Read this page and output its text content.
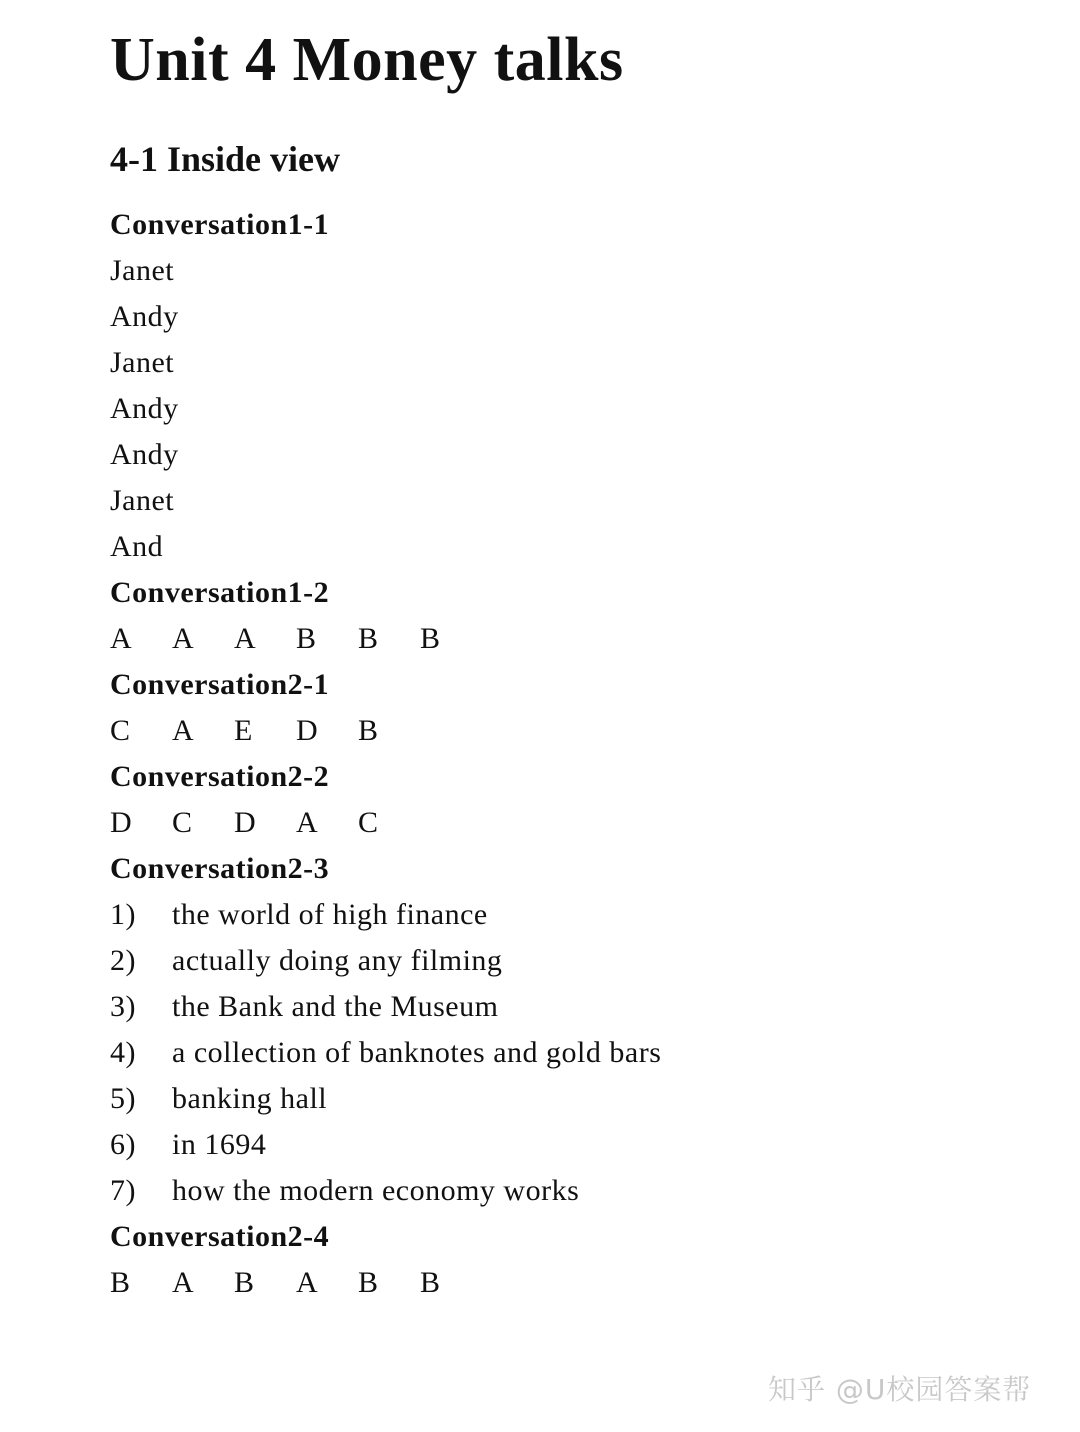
Unit 4 Money talks
4-1 Inside view
Conversation1-1
Janet
Andy
Janet
Andy
Andy
Janet
And
Conversation1-2
A	A	A	B	B	B
Conversation2-1
C	A	E	D	B
Conversation2-2
D	C	D	A	C
Conversation2-3
1)	the world of high finance
2)	actually doing any filming
3)	the Bank and the Museum
4)	a collection of banknotes and gold bars
5)	banking hall
6)	in 1694
7)	how the modern economy works
Conversation2-4
B	A	B	A	B	B
知乎 @U校园答案帮
